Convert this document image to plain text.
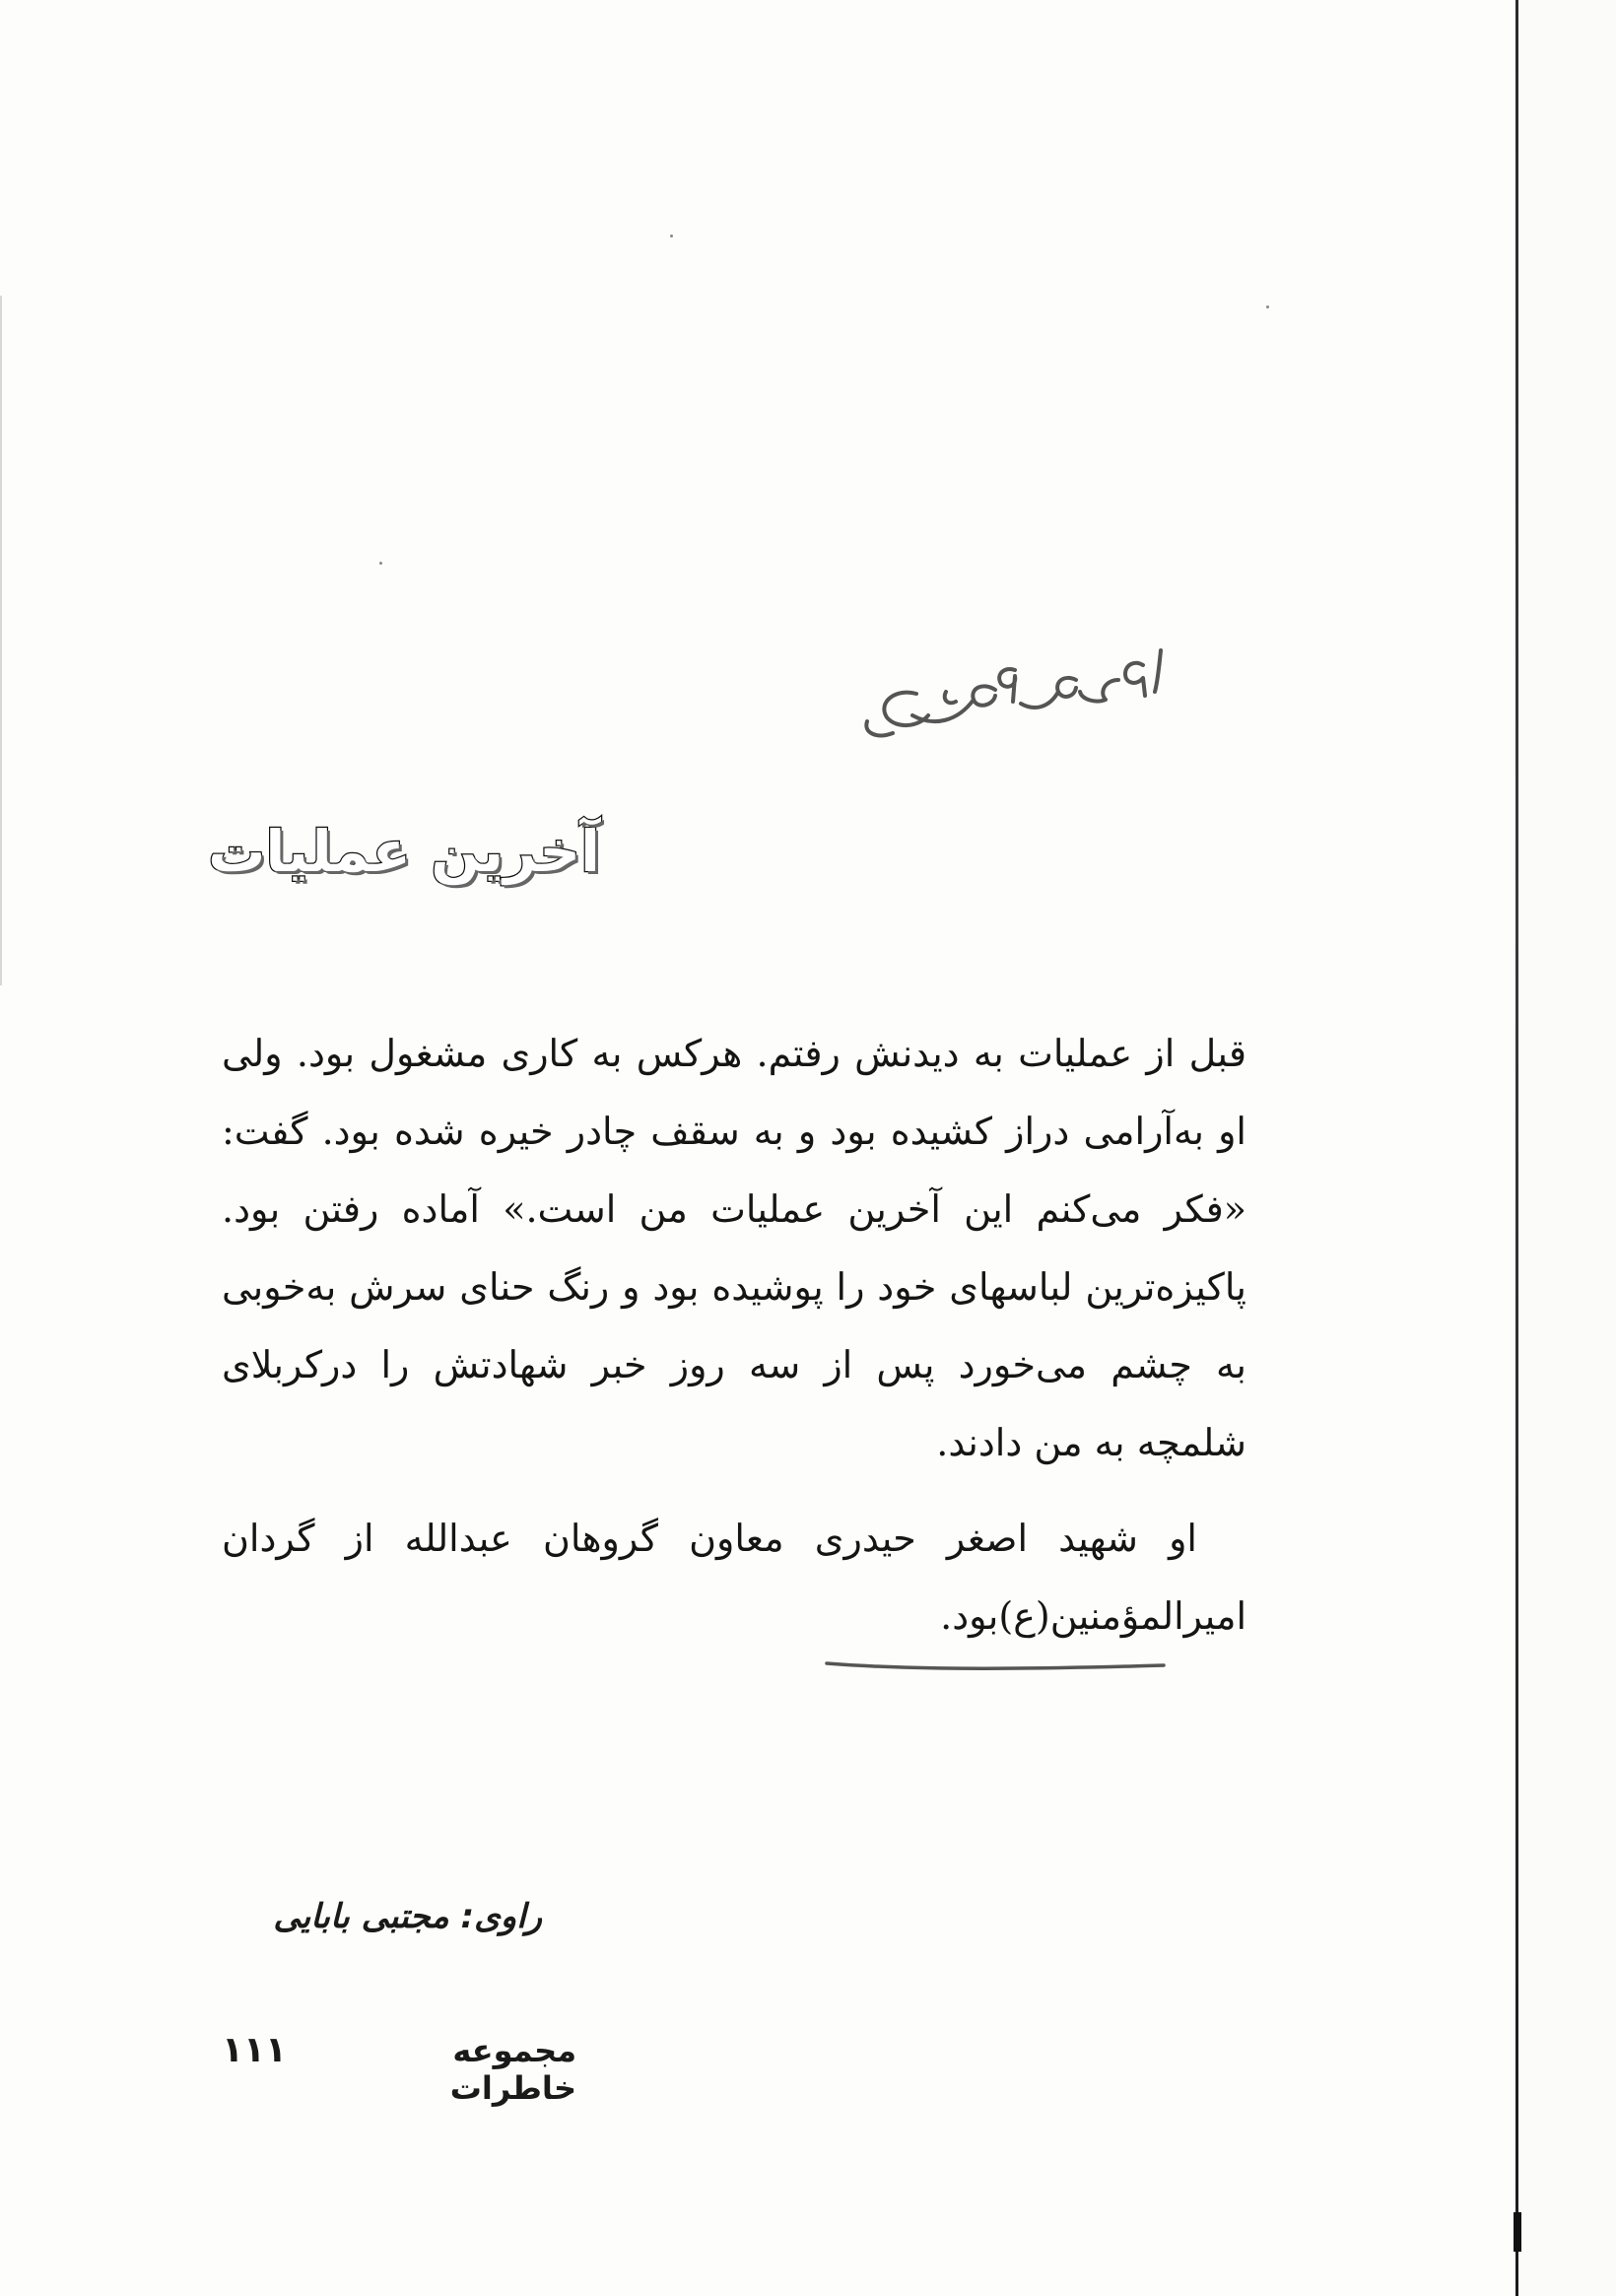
آخرین عملیات

قبل از عملیات به دیدنش رفتم. هرکس به کاری مشغول بود. ولی او به‌آرامی دراز کشیده بود و به سقف چادر خیره شده بود. گفت: «فکر می‌کنم این آخرین عملیات من است.» آماده رفتن بود. پاکیزه‌ترین لباسهای خود را پوشیده بود و رنگ حنای سرش به‌خوبی به چشم می‌خورد پس از سه روز خبر شهادتش را درکربلای شلمچه به من دادند.

او شهید اصغر حیدری معاون گروهان عبدالله از گردان امیرالمؤمنین(ع)بود.

راوی: مجتبی بابایی
مجموعه خاطرات
۱۱۱
